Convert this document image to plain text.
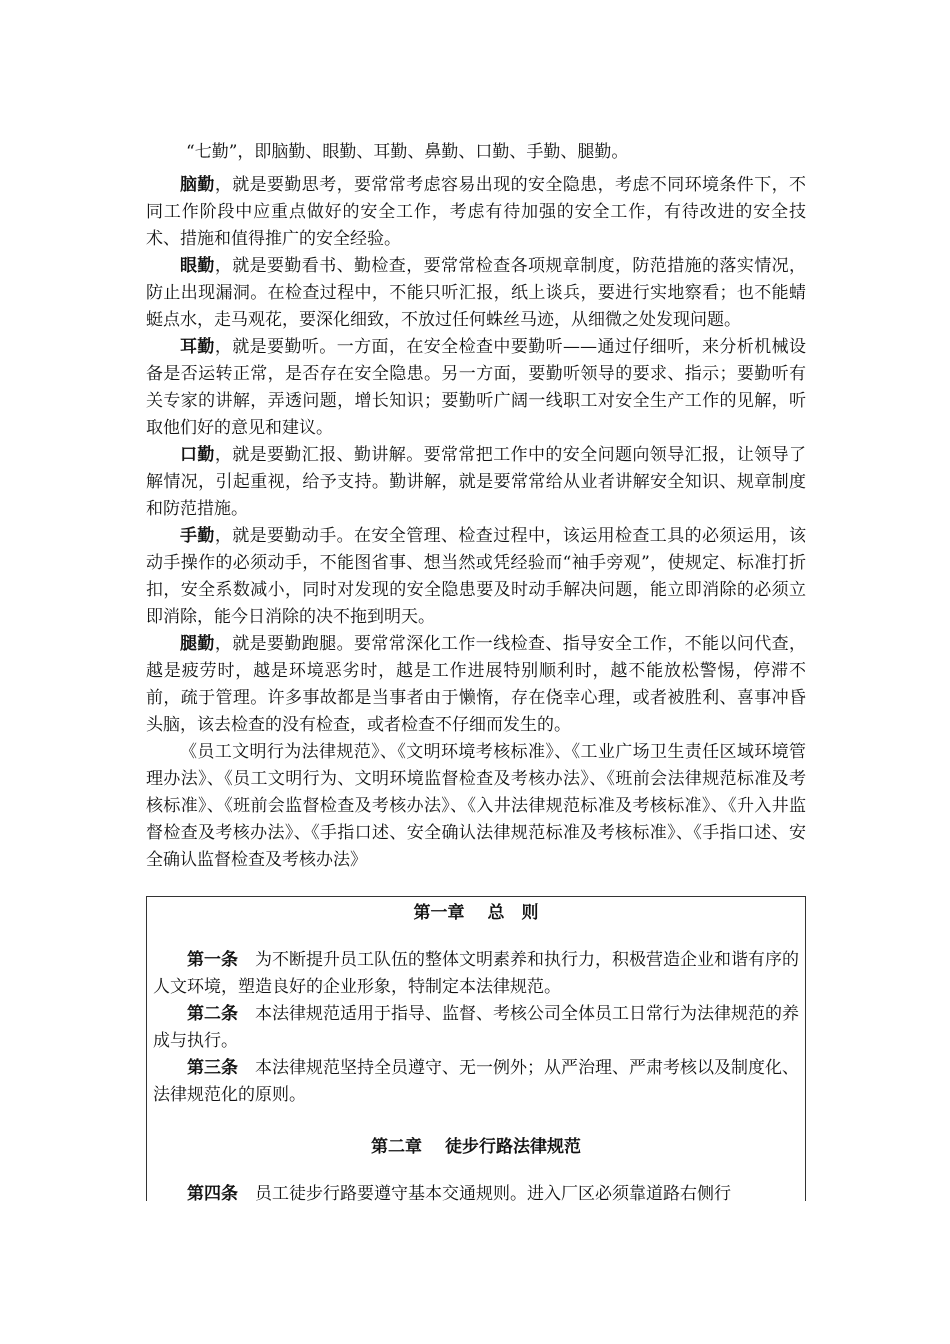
“七勤”，即脑勤、眼勤、耳勤、鼻勤、口勤、手勤、腿勤。

脑勤，就是要勤思考，要常常考虑容易出现的安全隐患，考虑不同环境条件下，不同工作阶段中应重点做好的安全工作，考虑有待加强的安全工作，有待改进的安全技术、措施和值得推广的安全经验。

眼勤，就是要勤看书、勤检查，要常常检查各项规章制度，防范措施的落实情况，防止出现漏洞。在检查过程中，不能只听汇报，纸上谈兵，要进行实地察看；也不能蜻蜓点水，走马观花，要深化细致，不放过任何蛛丝马迹，从细微之处发现问题。

耳勤，就是要勤听。一方面，在安全检查中要勤听——通过仔细听，来分析机械设备是否运转正常，是否存在安全隐患。另一方面，要勤听领导的要求、指示；要勤听有关专家的讲解，弄透问题，增长知识；要勤听广阔一线职工对安全生产工作的见解，听取他们好的意见和建议。

口勤，就是要勤汇报、勤讲解。要常常把工作中的安全问题向领导汇报，让领导了解情况，引起重视，给予支持。勤讲解，就是要常常给从业者讲解安全知识、规章制度和防范措施。

手勤，就是要勤动手。在安全管理、检查过程中，该运用检查工具的必须运用，该动手操作的必须动手，不能图省事、想当然或凭经验而“袖手旁观”，使规定、标准打折扣，安全系数减小，同时对发现的安全隐患要及时动手解决问题，能立即消除的必须立即消除，能今日消除的决不拖到明天。

腿勤，就是要勤跑腿。要常常深化工作一线检查、指导安全工作，不能以问代查，越是疲劳时，越是环境恶劣时，越是工作进展特别顺利时，越不能放松警惕，停滞不前，疏于管理。许多事故都是当事者由于懒惰，存在侥幸心理，或者被胜利、喜事冲昏头脑，该去检查的没有检查，或者检查不仔细而发生的。

《员工文明行为法律规范》、《文明环境考核标准》、《工业广场卫生责任区域环境管理办法》、《员工文明行为、文明环境监督检查及考核办法》、《班前会法律规范标准及考核标准》、《班前会监督检查及考核办法》、《入井法律规范标准及考核标准》、《升入井监督检查及考核办法》、《手指口述、安全确认法律规范标准及考核标准》、《手指口述、安全确认监督检查及考核办法》

第一章　 总　则

第一条　为不断提升员工队伍的整体文明素养和执行力，积极营造企业和谐有序的人文环境，塑造良好的企业形象，特制定本法律规范。

第二条　本法律规范适用于指导、监督、考核公司全体员工日常行为法律规范的养成与执行。

第三条　本法律规范坚持全员遵守、无一例外；从严治理、严肃考核以及制度化、法律规范化的原则。

第二章　 徒步行路法律规范

第四条　员工徒步行路要遵守基本交通规则。进入厂区必须靠道路右侧行
